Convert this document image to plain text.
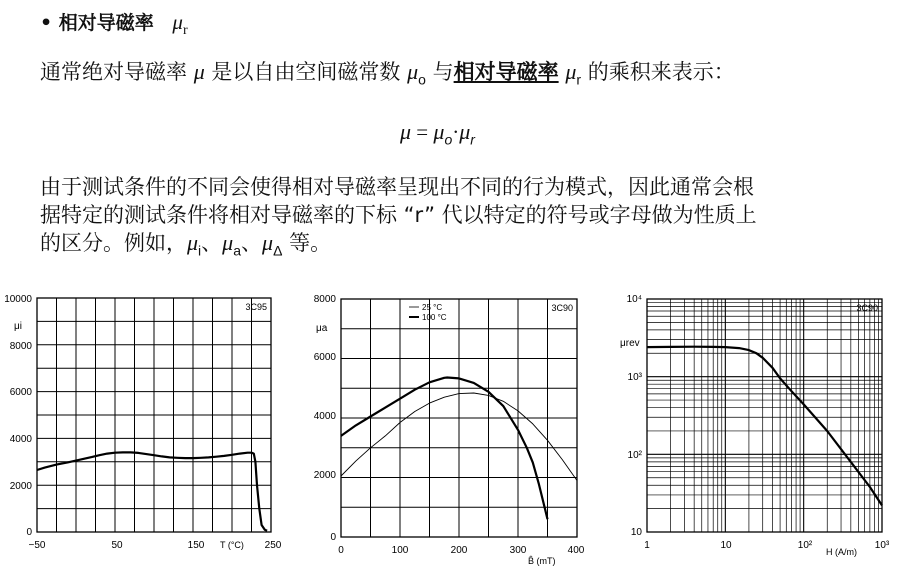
• 相对导磁率 $\mu_r$
通常绝对导磁率 μ 是以自由空间磁常数 $\mu_o$ 与相对导磁率 $\mu_r$ 的乘积来表示：
$\mu = \mu_o\cdot\mu_r$
由于测试条件的不同会使得相对导磁率呈现出不同的行为模式，因此通常会根
据特定的测试条件将相对导磁率的下标 “r” 代以特定的符号或字母做为性质上
的区分。例如，$\mu_i$、$\mu_a$、$\mu_\Delta$ 等。
−50	50	150	250
0
2000
4000
6000
8000
10000
μi
T (°C)
3C95
0	100	200	300	400
0
2000
4000
6000
8000
μa
B̂ (mT)
3C90
25 °C
100 °C
1	10	10²	10³
10
10²
10³
10⁴
μrev
H (A/m)
3C90
